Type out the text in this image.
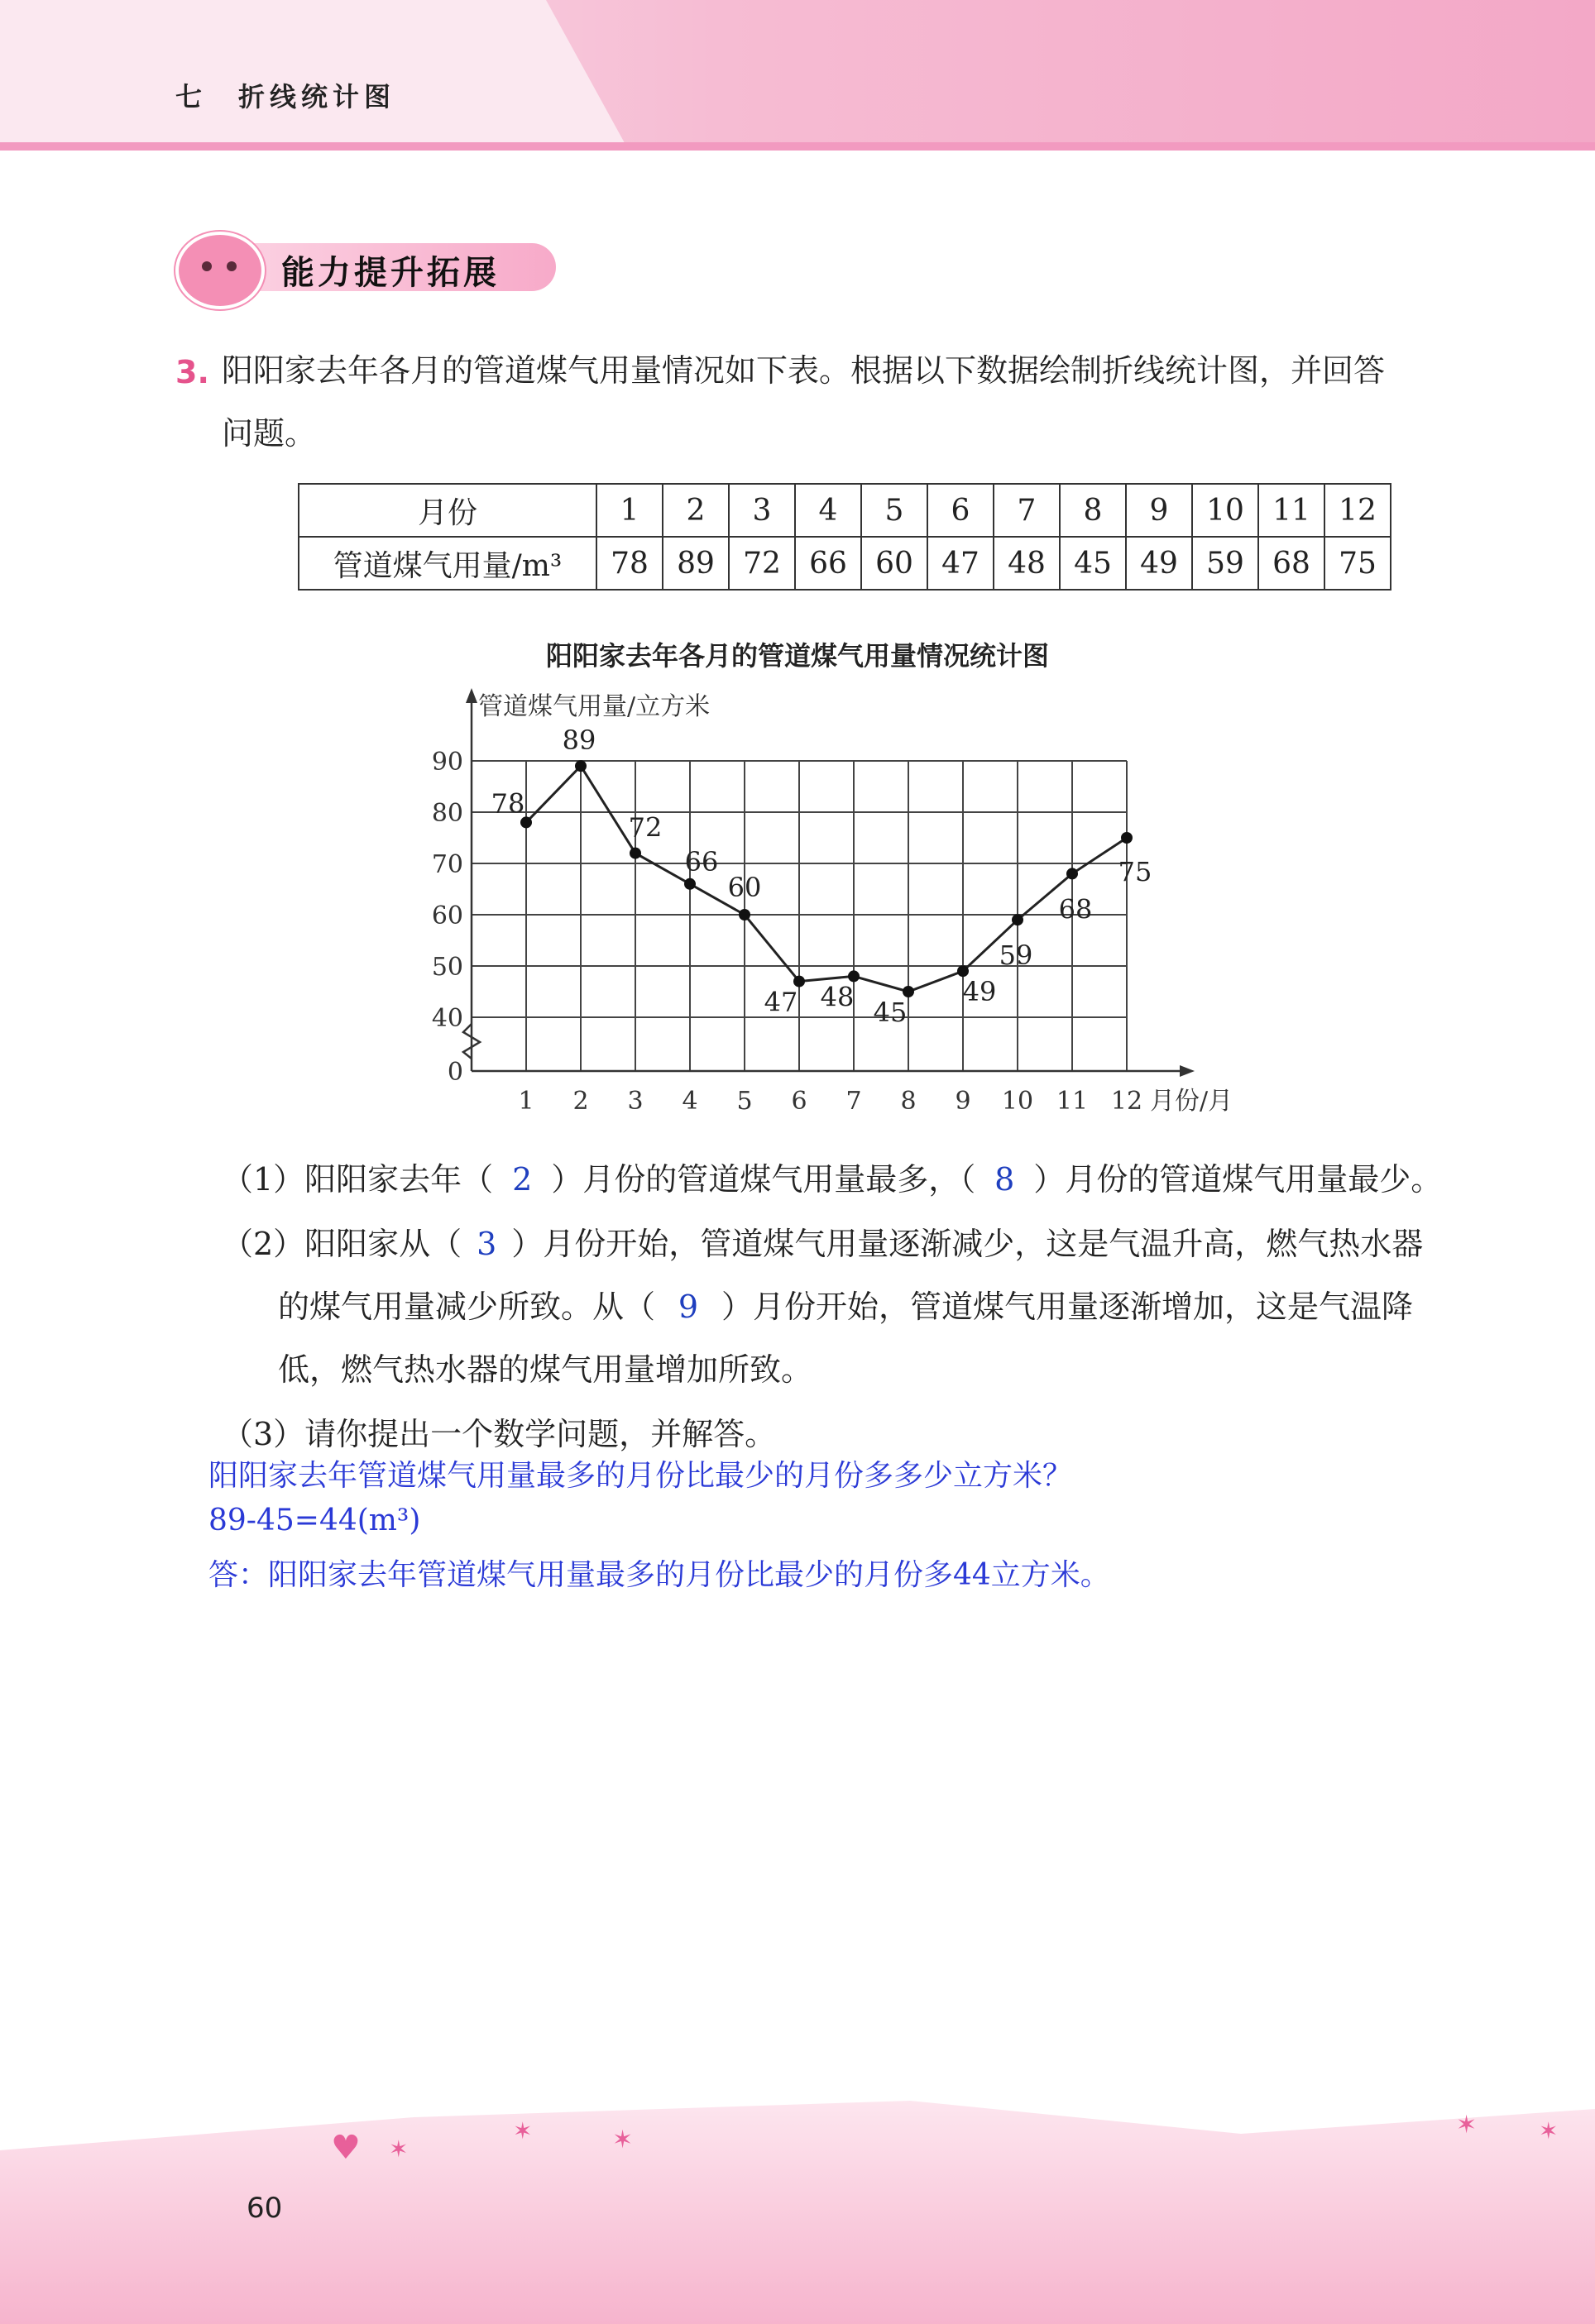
七　折线统计图
能力提升拓展
3. 阳阳家去年各月的管道煤气用量情况如下表。根据以下数据绘制折线统计图，并回答
问题。
月份	1	2	3	4	5	6	7	8	9	10	11	12
管道煤气用量/m³	78	89	72	66	60	47	48	45	49	59	68	75
阳阳家去年各月的管道煤气用量情况统计图
40
50
60
70
80
90
0
1 2 3 4 5 6 7 8 9 10 11 12
管道煤气用量/立方米
月份/月
78
89
72
66
60
47 48 45
49
59
68
75
（1）阳阳家去年（ 2 ）月份的管道煤气用量最多，（ 8 ）月份的管道煤气用量最少。
（2）阳阳家从（ 3 ）月份开始，管道煤气用量逐渐减少，这是气温升高，燃气热水器
的煤气用量减少所致。从（ 9 ）月份开始，管道煤气用量逐渐增加，这是气温降
低，燃气热水器的煤气用量增加所致。
（3）请你提出一个数学问题，并解答。
阳阳家去年管道煤气用量最多的月份比最少的月份多多少立方米？
89-45=44(m³)
答：阳阳家去年管道煤气用量最多的月份比最少的月份多44立方米。
♥ ✶
✶	✶
✶	✶
60
